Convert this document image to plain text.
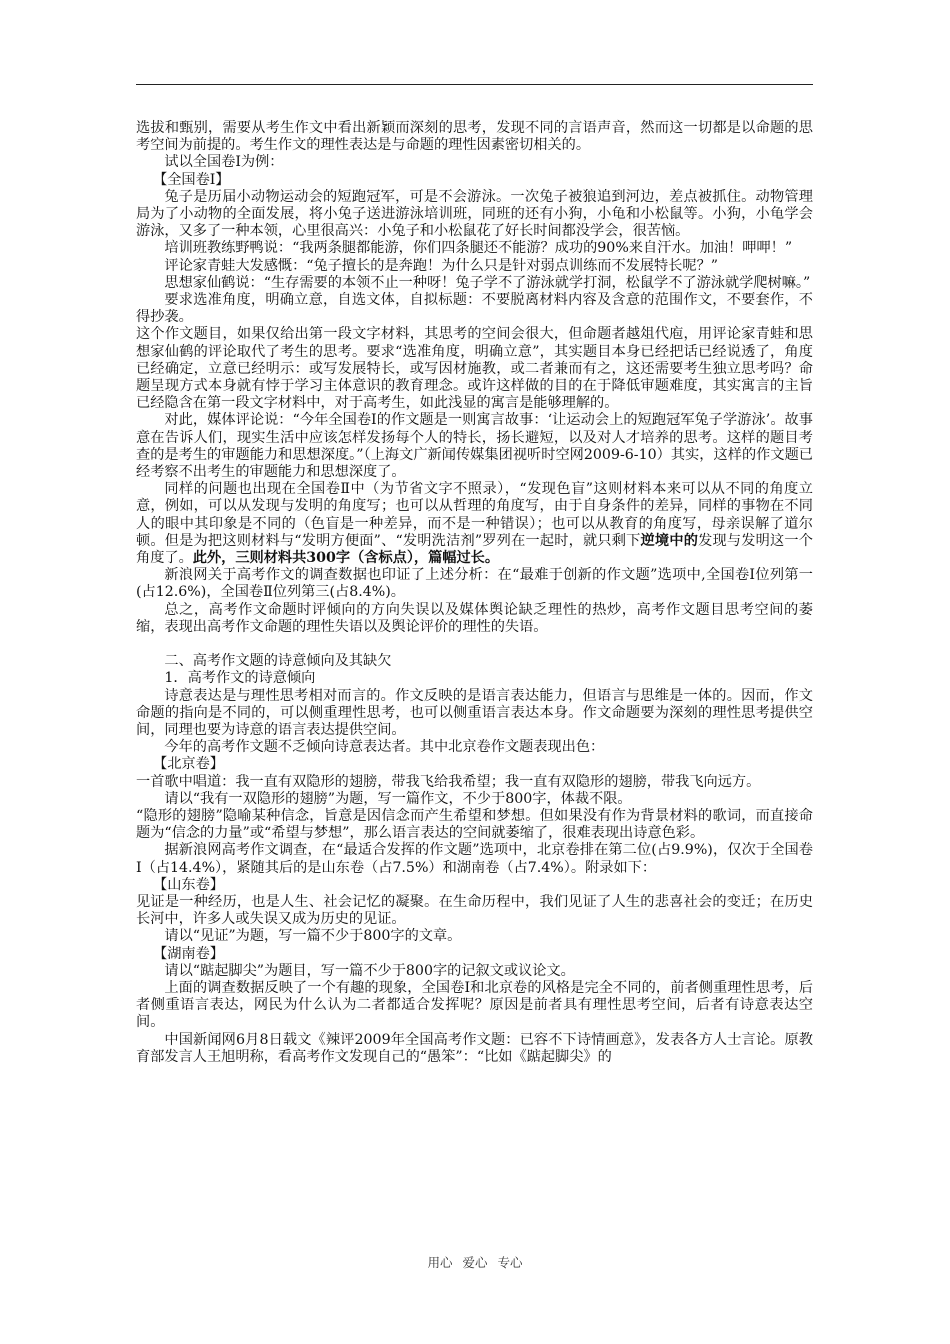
选拔和甄别，需要从考生作文中看出新颖而深刻的思考，发现不同的言语声音，然而这一切都是以命题的思考空间为前提的。考生作文的理性表达是与命题的理性因素密切相关的。

试以全国卷Ⅰ为例：

【全国卷Ⅰ】

兔子是历届小动物运动会的短跑冠军，可是不会游泳。一次兔子被狼追到河边，差点被抓住。动物管理局为了小动物的全面发展，将小兔子送进游泳培训班，同班的还有小狗，小龟和小松鼠等。小狗，小龟学会游泳，又多了一种本领，心里很高兴：小兔子和小松鼠花了好长时间都没学会，很苦恼。

培训班教练野鸭说：“我两条腿都能游，你们四条腿还不能游？成功的90%来自汗水。加油！呷呷！”

评论家青蛙大发感慨：“兔子擅长的是奔跑！为什么只是针对弱点训练而不发展特长呢？”

思想家仙鹤说：“生存需要的本领不止一种呀！兔子学不了游泳就学打洞，松鼠学不了游泳就学爬树嘛。”

要求选准角度，明确立意，自选文体，自拟标题：不要脱离材料内容及含意的范围作文，不要套作，不得抄袭。

这个作文题目，如果仅给出第一段文字材料，其思考的空间会很大，但命题者越俎代庖，用评论家青蛙和思想家仙鹤的评论取代了考生的思考。要求“选准角度，明确立意”，其实题目本身已经把话已经说透了，角度已经确定，立意已经明示：或写发展特长，或写因材施教，或二者兼而有之，这还需要考生独立思考吗？命题呈现方式本身就有悖于学习主体意识的教育理念。或许这样做的目的在于降低审题难度，其实寓言的主旨已经隐含在第一段文字材料中，对于高考生，如此浅显的寓言是能够理解的。

对此，媒体评论说：“今年全国卷Ⅰ的作文题是一则寓言故事：‘让运动会上的短跑冠军兔子学游泳’。故事意在告诉人们，现实生活中应该怎样发扬每个人的特长，扬长避短，以及对人才培养的思考。这样的题目考查的是考生的审题能力和思想深度。”（上海文广新闻传媒集团视听时空网2009-6-10）其实，这样的作文题已经考察不出考生的审题能力和思想深度了。

同样的问题也出现在全国卷Ⅱ中（为节省文字不照录），“发现色盲”这则材料本来可以从不同的角度立意，例如，可以从发现与发明的角度写；也可以从哲理的角度写，由于自身条件的差异，同样的事物在不同人的眼中其印象是不同的（色盲是一种差异，而不是一种错误）；也可以从教育的角度写，母亲误解了道尔顿。但是为把这则材料与“发明方便面”、“发明洗洁剂”罗列在一起时，就只剩下逆境中的发现与发明这一个角度了。此外，三则材料共300字（含标点），篇幅过长。

新浪网关于高考作文的调查数据也印证了上述分析：在“最难于创新的作文题”选项中,全国卷Ⅰ位列第一(占12.6%)，全国卷Ⅱ位列第三(占8.4%)。

总之，高考作文命题时评倾向的方向失误以及媒体舆论缺乏理性的热炒，高考作文题目思考空间的萎缩，表现出高考作文命题的理性失语以及舆论评价的理性的失语。

二、高考作文题的诗意倾向及其缺欠

1．高考作文的诗意倾向

诗意表达是与理性思考相对而言的。作文反映的是语言表达能力，但语言与思维是一体的。因而，作文命题的指向是不同的，可以侧重理性思考，也可以侧重语言表达本身。作文命题要为深刻的理性思考提供空间，同理也要为诗意的语言表达提供空间。

今年的高考作文题不乏倾向诗意表达者。其中北京卷作文题表现出色：

【北京卷】

一首歌中唱道：我一直有双隐形的翅膀，带我飞给我希望；我一直有双隐形的翅膀，带我飞向远方。

请以“我有一双隐形的翅膀”为题，写一篇作文，不少于800字，体裁不限。

“隐形的翅膀”隐喻某种信念，旨意是因信念而产生希望和梦想。但如果没有作为背景材料的歌词，而直接命题为“信念的力量”或“希望与梦想”，那么语言表达的空间就萎缩了，很难表现出诗意色彩。

据新浪网高考作文调查，在“最适合发挥的作文题”选项中，北京卷排在第二位(占9.9%)，仅次于全国卷Ⅰ（占14.4%），紧随其后的是山东卷（占7.5%）和湖南卷（占7.4%）。附录如下：

【山东卷】

见证是一种经历，也是人生、社会记忆的凝聚。在生命历程中，我们见证了人生的悲喜社会的变迁；在历史长河中，许多人或失误又成为历史的见证。

请以“见证”为题，写一篇不少于800字的文章。

【湖南卷】

请以“踮起脚尖”为题目，写一篇不少于800字的记叙文或议论文。

上面的调查数据反映了一个有趣的现象，全国卷Ⅰ和北京卷的风格是完全不同的，前者侧重理性思考，后者侧重语言表达，网民为什么认为二者都适合发挥呢？原因是前者具有理性思考空间，后者有诗意表达空间。

中国新闻网6月8日载文《辣评2009年全国高考作文题：已容不下诗情画意》，发表各方人士言论。原教育部发言人王旭明称，看高考作文发现自己的“愚笨”：“比如《踮起脚尖》的

用心 爱心 专心
